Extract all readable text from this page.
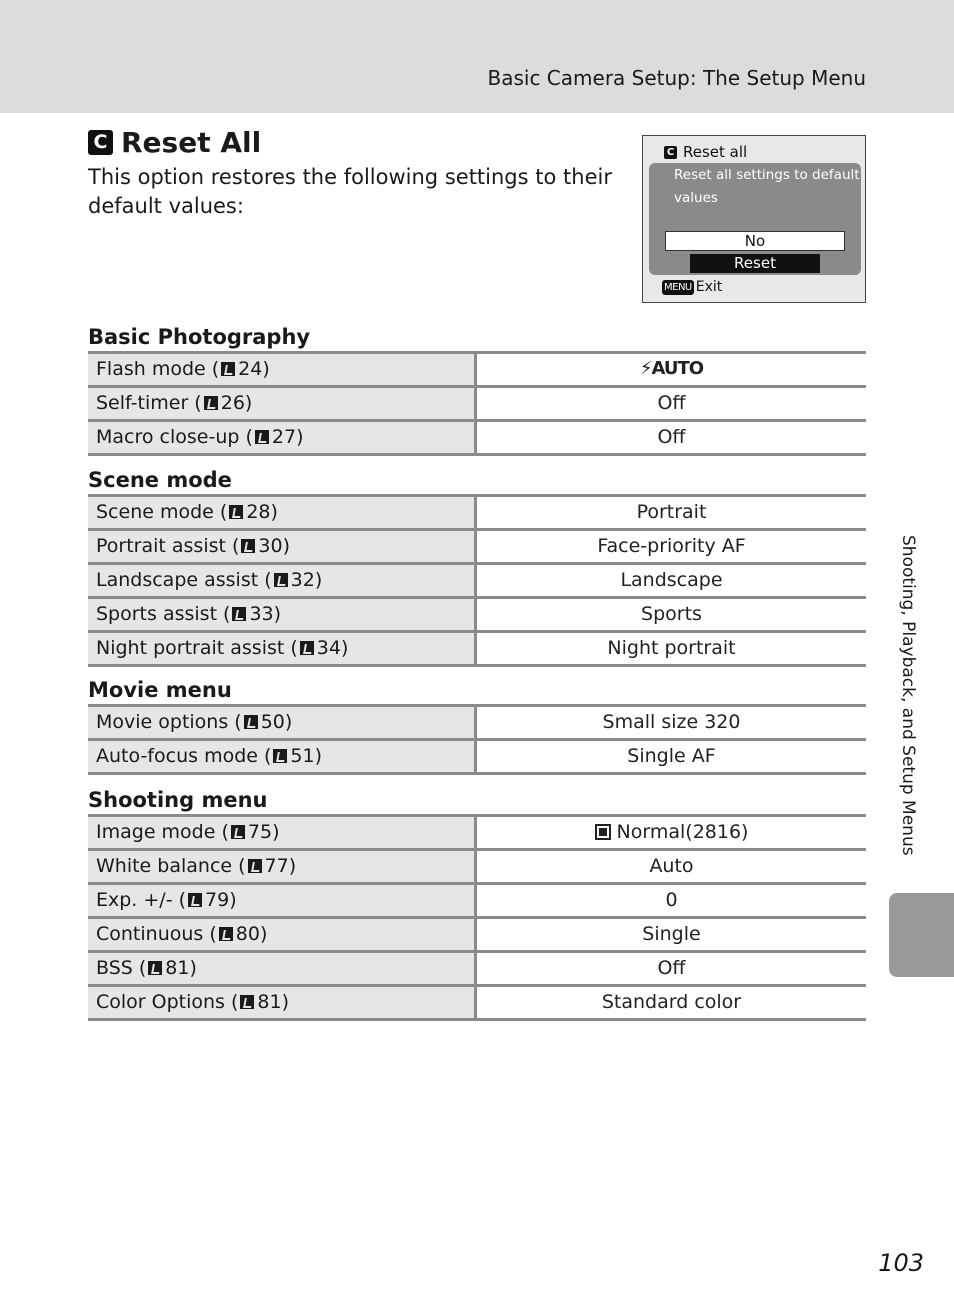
Basic Camera Setup: The Setup Menu
C Reset All
This option restores the following settings to their default values:
C Reset all
Reset all settings to default
values
No
Reset
MENU Exit
Basic Photography
Flash mode ( 24)	⚡AUTO
Self-timer ( 26)	Off
Macro close-up ( 27)	Off
Scene mode
Scene mode ( 28)	Portrait
Portrait assist ( 30)	Face-priority AF
Landscape assist ( 32)	Landscape
Sports assist ( 33)	Sports
Night portrait assist ( 34)	Night portrait
Movie menu
Movie options ( 50)	Small size 320
Auto-focus mode ( 51)	Single AF
Shooting menu
Image mode ( 75)	Normal(2816)
White balance ( 77)	Auto
Exp. +/- ( 79)	0
Continuous ( 80)	Single
BSS ( 81)	Off
Color Options ( 81)	Standard color
Shooting, Playback, and Setup Menus
103
